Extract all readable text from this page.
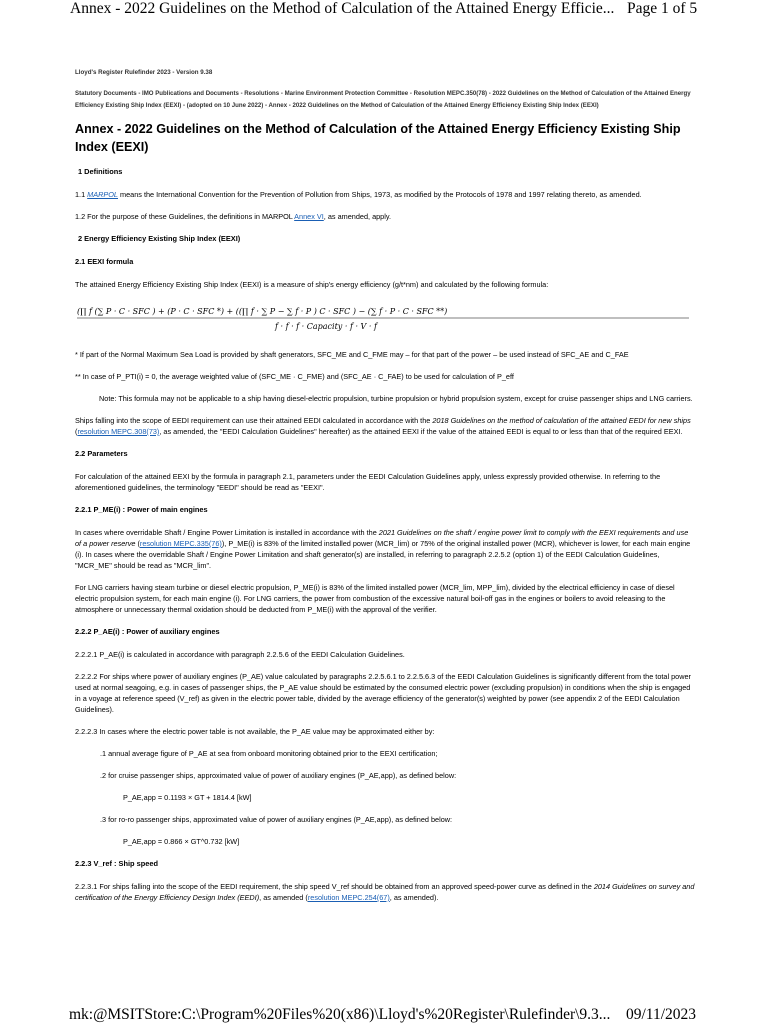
Annex - 2022 Guidelines on the Method of Calculation of the Attained Energy Efficie... Page 1 of 5
Lloyd's Register Rulefinder 2023 - Version 9.38
Statutory Documents - IMO Publications and Documents - Resolutions - Marine Environment Protection Committee - Resolution MEPC.350(78) - 2022 Guidelines on the Method of Calculation of the Attained Energy Efficiency Existing Ship Index (EEXI) - (adopted on 10 June 2022) - Annex - 2022 Guidelines on the Method of Calculation of the Attained Energy Efficiency Existing Ship Index (EEXI)
Annex - 2022 Guidelines on the Method of Calculation of the Attained Energy Efficiency Existing Ship Index (EEXI)
1 Definitions

1.1 MARPOL means the International Convention for the Prevention of Pollution from Ships, 1973, as modified by the Protocols of 1978 and 1997 relating thereto, as amended.

1.2 For the purpose of these Guidelines, the definitions in MARPOL Annex VI, as amended, apply.

2 Energy Efficiency Existing Ship Index (EEXI)
2.1 EEXI formula

The attained Energy Efficiency Existing Ship Index (EEXI) is a measure of ship's energy efficiency (g/t*nm) and calculated by the following formula:

(∏ f (∑ P · C · SFC ) + (P · C · SFC *) + ((∏ f · ∑ P − ∑ f · P ) C · SFC ) − (∑ f · P · C · SFC **)
f · f · f · Capacity · f · V · f

* If part of the Normal Maximum Sea Load is provided by shaft generators, SFC_ME and C_FME may – for that part of the power – be used instead of SFC_AE and C_FAE

** In case of P_PTI(i) = 0, the average weighted value of (SFC_ME · C_FME) and (SFC_AE · C_FAE) to be used for calculation of P_eff

Note: This formula may not be applicable to a ship having diesel-electric propulsion, turbine propulsion or hybrid propulsion system, except for cruise passenger ships and LNG carriers.

Ships falling into the scope of EEDI requirement can use their attained EEDI calculated in accordance with the 2018 Guidelines on the method of calculation of the attained EEDI for new ships (resolution MEPC.308(73), as amended, the "EEDI Calculation Guidelines" hereafter) as the attained EEXI if the value of the attained EEDI is equal to or less than that of the required EEXI.

2.2 Parameters

For calculation of the attained EEXI by the formula in paragraph 2.1, parameters under the EEDI Calculation Guidelines apply, unless expressly provided otherwise. In referring to the aforementioned guidelines, the terminology "EEDI" should be read as "EEXI".

2.2.1 P_ME(i) : Power of main engines

In cases where overridable Shaft / Engine Power Limitation is installed in accordance with the 2021 Guidelines on the shaft / engine power limit to comply with the EEXI requirements and use of a power reserve (resolution MEPC.335(76)), P_ME(i) is 83% of the limited installed power (MCR_lim) or 75% of the original installed power (MCR), whichever is lower, for each main engine (i). In cases where the overridable Shaft / Engine Power Limitation and shaft generator(s) are installed, in referring to paragraph 2.2.5.2 (option 1) of the EEDI Calculation Guidelines, "MCR_ME" should be read as "MCR_lim".

For LNG carriers having steam turbine or diesel electric propulsion, P_ME(i) is 83% of the limited installed power (MCR_lim, MPP_lim), divided by the electrical efficiency in case of diesel electric propulsion system, for each main engine (i). For LNG carriers, the power from combustion of the excessive natural boil-off gas in the engines or boilers to avoid releasing to the atmosphere or unnecessary thermal oxidation should be deducted from P_ME(i) with the approval of the verifier.

2.2.2 P_AE(i) : Power of auxiliary engines

2.2.2.1 P_AE(i) is calculated in accordance with paragraph 2.2.5.6 of the EEDI Calculation Guidelines.

2.2.2.2 For ships where power of auxiliary engines (P_AE) value calculated by paragraphs 2.2.5.6.1 to 2.2.5.6.3 of the EEDI Calculation Guidelines is significantly different from the total power used at normal seagoing, e.g. in cases of passenger ships, the P_AE value should be estimated by the consumed electric power (excluding propulsion) in conditions when the ship is engaged in a voyage at reference speed (V_ref) as given in the electric power table, divided by the average efficiency of the generator(s) weighted by power (see appendix 2 of the EEDI Calculation Guidelines).

2.2.2.3 In cases where the electric power table is not available, the P_AE value may be approximated either by:

.1 annual average figure of P_AE at sea from onboard monitoring obtained prior to the EEXI certification;

.2 for cruise passenger ships, approximated value of power of auxiliary engines (P_AE,app), as defined below:

P_AE,app = 0.1193 × GT + 1814.4 [kW]

.3 for ro-ro passenger ships, approximated value of power of auxiliary engines (P_AE,app), as defined below:

P_AE,app = 0.866 × GT^0.732 [kW]

2.2.3 V_ref : Ship speed

2.2.3.1 For ships falling into the scope of the EEDI requirement, the ship speed V_ref should be obtained from an approved speed-power curve as defined in the 2014 Guidelines on survey and certification of the Energy Efficiency Design Index (EEDI), as amended (resolution MEPC.254(67), as amended).

mk:@MSITStore:C:\Program%20Files%20(x86)\Lloyd's%20Register\Rulefinder\9.3... 09/11/2023
